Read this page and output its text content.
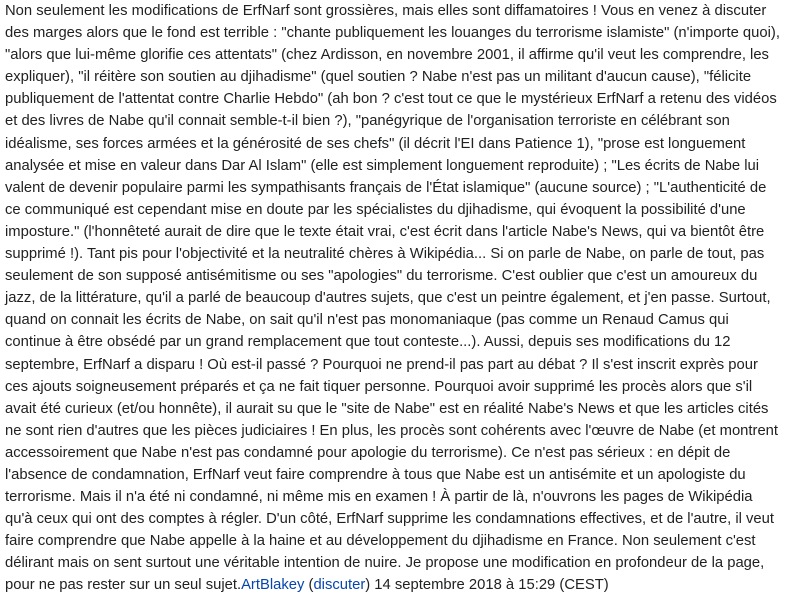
Non seulement les modifications de ErfNarf sont grossières, mais elles sont diffamatoires ! Vous en venez à discuter des marges alors que le fond est terrible : "chante publiquement les louanges du terrorisme islamiste" (n'importe quoi), "alors que lui-même glorifie ces attentats" (chez Ardisson, en novembre 2001, il affirme qu'il veut les comprendre, les expliquer), "il réitère son soutien au djihadisme" (quel soutien ? Nabe n'est pas un militant d'aucun cause), "félicite publiquement de l'attentat contre Charlie Hebdo" (ah bon ? c'est tout ce que le mystérieux ErfNarf a retenu des vidéos et des livres de Nabe qu'il connait semble-t-il bien ?), "panégyrique de l'organisation terroriste en célébrant son idéalisme, ses forces armées et la générosité de ses chefs" (il décrit l'EI dans Patience 1), "prose est longuement analysée et mise en valeur dans Dar Al Islam" (elle est simplement longuement reproduite) ; "Les écrits de Nabe lui valent de devenir populaire parmi les sympathisants français de l'État islamique" (aucune source) ; "L'authenticité de ce communiqué est cependant mise en doute par les spécialistes du djihadisme, qui évoquent la possibilité d'une imposture." (l'honnêteté aurait de dire que le texte était vrai, c'est écrit dans l'article Nabe's News, qui va bientôt être supprimé !). Tant pis pour l'objectivité et la neutralité chères à Wikipédia... Si on parle de Nabe, on parle de tout, pas seulement de son supposé antisémitisme ou ses "apologies" du terrorisme. C'est oublier que c'est un amoureux du jazz, de la littérature, qu'il a parlé de beaucoup d'autres sujets, que c'est un peintre également, et j'en passe. Surtout, quand on connait les écrits de Nabe, on sait qu'il n'est pas monomaniaque (pas comme un Renaud Camus qui continue à être obsédé par un grand remplacement que tout conteste...). Aussi, depuis ses modifications du 12 septembre, ErfNarf a disparu ! Où est-il passé ? Pourquoi ne prend-il pas part au débat ? Il s'est inscrit exprès pour ces ajouts soigneusement préparés et ça ne fait tiquer personne. Pourquoi avoir supprimé les procès alors que s'il avait été curieux (et/ou honnête), il aurait su que le "site de Nabe" est en réalité Nabe's News et que les articles cités ne sont rien d'autres que les pièces judiciaires ! En plus, les procès sont cohérents avec l'œuvre de Nabe (et montrent accessoirement que Nabe n'est pas condamné pour apologie du terrorisme). Ce n'est pas sérieux : en dépit de l'absence de condamnation, ErfNarf veut faire comprendre à tous que Nabe est un antisémite et un apologiste du terrorisme. Mais il n'a été ni condamné, ni même mis en examen ! À partir de là, n'ouvrons les pages de Wikipédia qu'à ceux qui ont des comptes à régler. D'un côté, ErfNarf supprime les condamnations effectives, et de l'autre, il veut faire comprendre que Nabe appelle à la haine et au développement du djihadisme en France. Non seulement c'est délirant mais on sent surtout une véritable intention de nuire. Je propose une modification en profondeur de la page, pour ne pas rester sur un seul sujet.ArtBlakey (discuter) 14 septembre 2018 à 15:29 (CEST)
